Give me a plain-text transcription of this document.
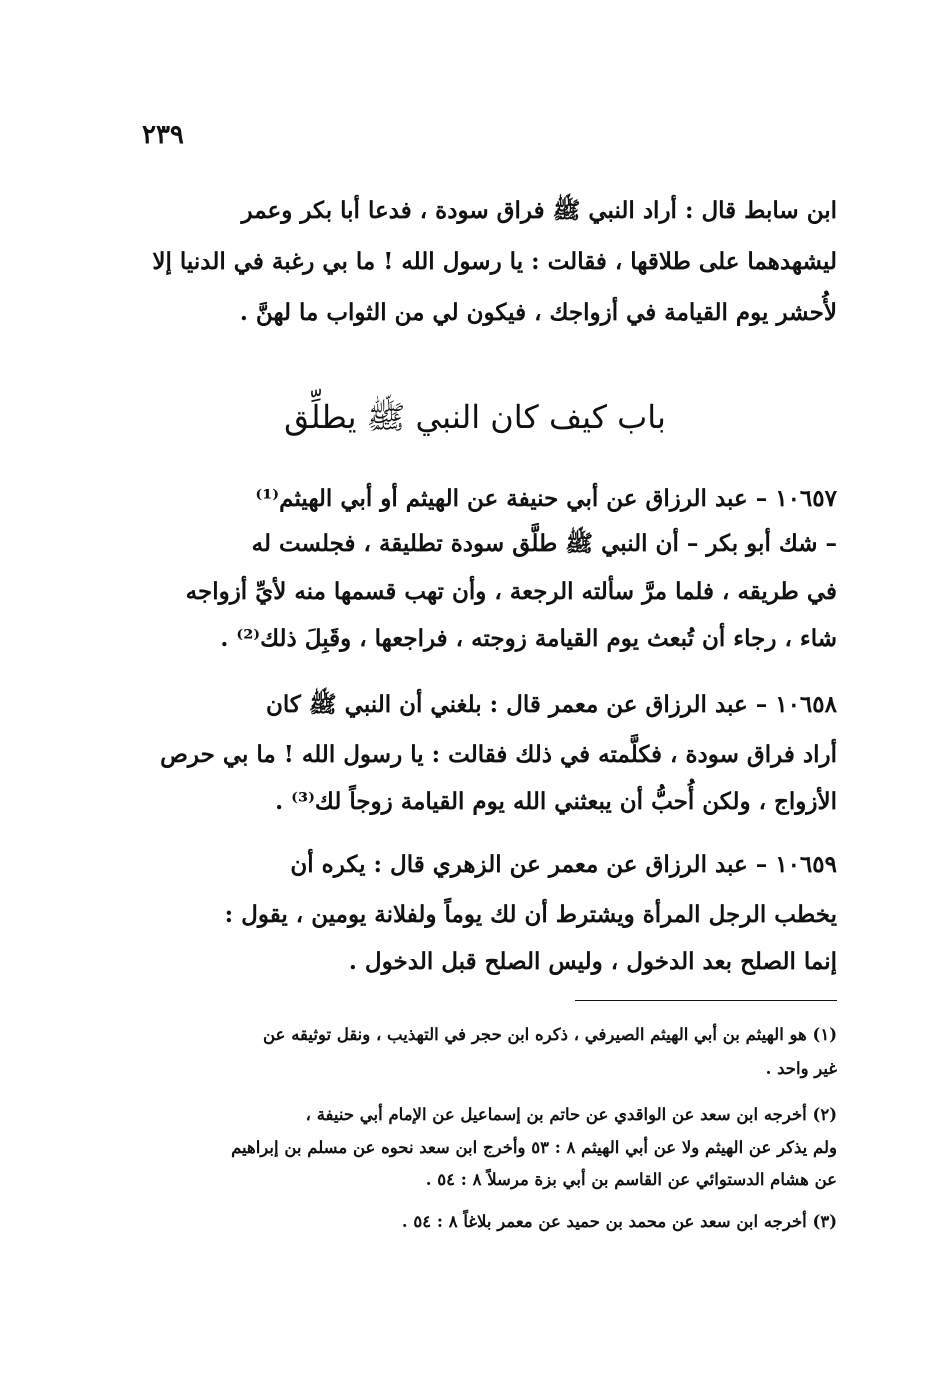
٢٣٩
ابن سابط قال : أراد النبي ﷺ فراق سودة ، فدعا أبا بكر وعمر
ليشهدهما على طلاقها ، فقالت : يا رسول الله ! ما بي رغبة في الدنيا إلا
لأُحشر يوم القيامة في أزواجك ، فيكون لي من الثواب ما لهنَّ .
باب كيف كان النبي ﷺ يطلِّق
١٠٦٥٧ – عبد الرزاق عن أبي حنيفة عن الهيثم أو أبي الهيثم⁽¹⁾
– شك أبو بكر – أن النبي ﷺ طلَّق سودة تطليقة ، فجلست له
في طريقه ، فلما مرَّ سألته الرجعة ، وأن تهب قسمها منه لأيِّ أزواجه
شاء ، رجاء أن تُبعث يوم القيامة زوجته ، فراجعها ، وقَبِلَ ذلك⁽²⁾ .
١٠٦٥٨ – عبد الرزاق عن معمر قال : بلغني أن النبي ﷺ كان
أراد فراق سودة ، فكلَّمته في ذلك فقالت : يا رسول الله ! ما بي حرص
الأزواج ، ولكن أُحبُّ أن يبعثني الله يوم القيامة زوجاً لك⁽³⁾ .
١٠٦٥٩ – عبد الرزاق عن معمر عن الزهري قال : يكره أن
يخطب الرجل المرأة ويشترط أن لك يوماً ولفلانة يومين ، يقول :
إنما الصلح بعد الدخول ، وليس الصلح قبل الدخول .
(١) هو الهيثم بن أبي الهيثم الصيرفي ، ذكره ابن حجر في التهذيب ، ونقل توثيقه عن
غير واحد .
(٢) أخرجه ابن سعد عن الواقدي عن حاتم بن إسماعيل عن الإمام أبي حنيفة ،
ولم يذكر عن الهيثم ولا عن أبي الهيثم ٨ : ٥٣ وأخرج ابن سعد نحوه عن مسلم بن إبراهيم
عن هشام الدستوائي عن القاسم بن أبي بزة مرسلاً ٨ : ٥٤ .
(٣) أخرجه ابن سعد عن محمد بن حميد عن معمر بلاغاً ٨ : ٥٤ .
